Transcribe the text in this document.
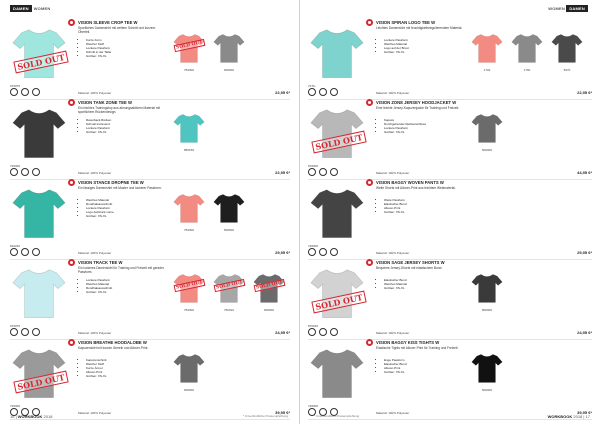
DAMEN WOMEN
SOLD OUT
970975
VISION SLEEVE CROP TEE W
Sportliches Damenshirt mit weitem Schnitt und kurzem Oberteil.
• Kurze Form
• Weicher Stoff
• Lockere Passform
• Schnitt in der Taille
• Größen: XS-XL
Material: 100% Polyester	22,95 €*
SOLD OUT
752000	600000
720000
VISION TANK ZONE TEE W
Ein leichtes Trainingstop aus atmungsaktivem Material mit sportlichem Rückendesign.
• Racerback Rücken
• Schnell trocknend
• Lockere Passform
• Größen: XS-XL
Material: 100% Polyester	22,95 €*
856155
810220
VISION STANCE DROPNE TEE W
Ein lässiges Damenshirt mit Muster und lockerer Passform.
• Weiches Material
• Rundhalsausschnitt
• Lockere Passform
• Logo-Aufdruck vorne
• Größen: XS-XL
Material: 100% Polyester	29,95 €*
752000	500000
970975
VISION TRACK TEE W
Ein lockeres Damenshirt für Training und Freizeit mit gerader Passform.
• Lockere Passform
• Weiches Material
• Rundhalsausschnitt
• Größen: XS-XL
Material: 100% Polyester	24,95 €*
SOLD OUT
752000
SOLD OUT
750010
SOLD OUT
600000
SOLD OUT
720000
VISION BREATHE HOODALOBE W
Kapuzenshirt mit kurzen Ärmeln und Allover-Print.
• Kapuzenschnitt
• Weicher Stoff
• Kurze Ärmel
• Allover-Print
• Größen: XS-XL
Material: 100% Polyester	39,95 €*
600000
* Unverbindliche Preisempfehlung
16 | WORKBOOK 2018
WOMEN DAMEN
72TG
VISION SPIRAN LOGO TEE W
Leichtes Damenshirt mit feuchtigkeitsregulierendem Material.
• Lockere Passform
• Weiches Material
• Logo auf der Brust
• Größen: XS-XL
Material: 100% Polyester	22,95 €*
1702	1760	5670
SOLD OUT
970000
VISION ZONE JERSEY HOODJACKET W
Eine leichte Jersey-Kapuzenjacke für Training und Freizeit.
• Kapuze
• Durchgehender Reißverschluss
• Lockere Passform
• Größen: XS-XL
Material: 100% Polyester	44,95 €*
500000
720000
VISION BAGGY WOVEN PANTS W
Weite Shorts mit Allover-Print aus leichtem Webmaterial.
• Weite Passform
• Elastischer Bund
• Allover-Print
• Größen: XS-XL
Material: 100% Polyester	29,95 €*
SOLD OUT
870030
VISION SAGE JERSEY SHORTS W
Bequeme Jersey-Shorts mit elastischem Bund.
• Elastischer Bund
• Weiches Material
• Größen: XS-XL
Material: 100% Polyester	24,95 €*
800000
720000
VISION BAGGY KISS TIGHTS W
Elastische Tights mit Allover-Print für Training und Freizeit.
• Enge Passform
• Elastischer Bund
• Allover-Print
• Größen: XS-XL
Material: 100% Polyester	39,95 €*
500000
* Unverbindliche Preisempfehlung	WORKBOOK 2018 | 17
